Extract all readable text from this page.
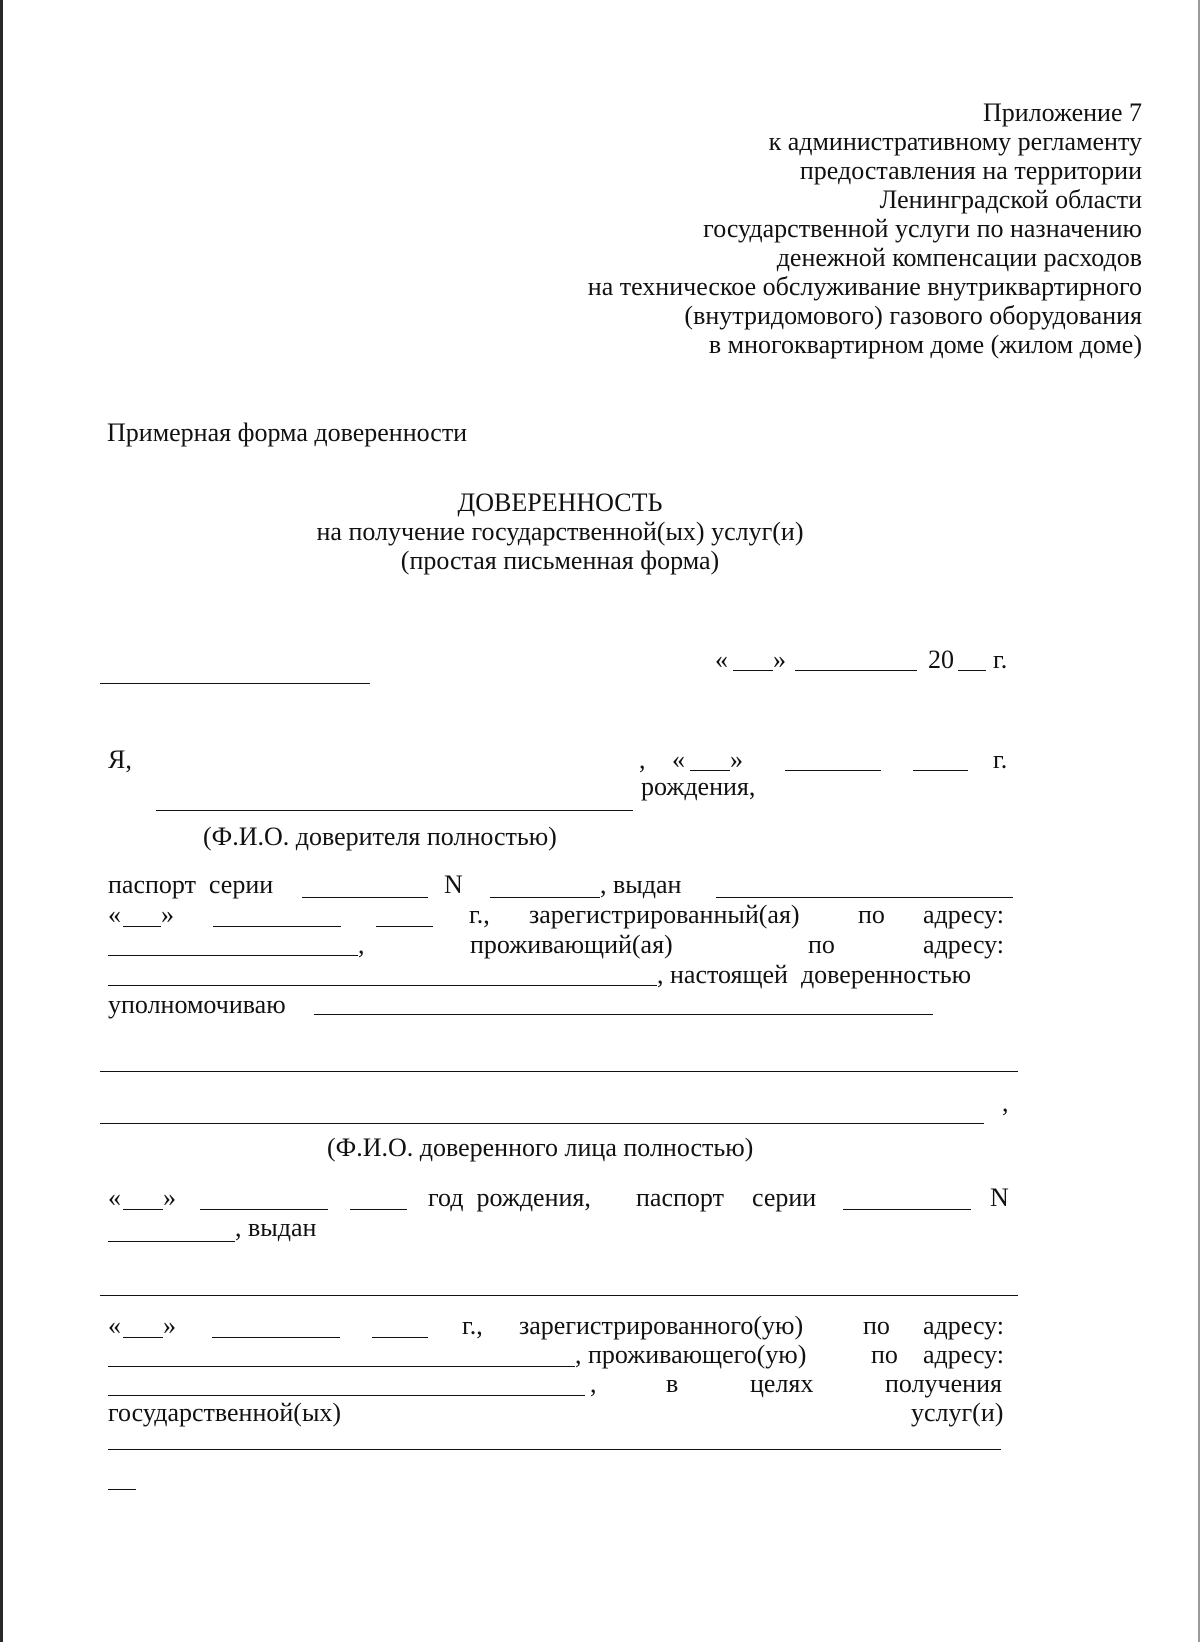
Приложение 7
к административному регламенту
предоставления на территории
Ленинградской области
государственной услуги по назначению
денежной компенсации расходов
на техническое обслуживание внутриквартирного
(внутридомового) газового оборудования
в многоквартирном доме (жилом доме)
Примерная форма доверенности
ДОВЕРЕННОСТЬ
на получение государственной(ых) услуг(и)
(простая письменная форма)
« »	20 г.
Я,	, « »	г.
рождения,
(Ф.И.О. доверителя полностью)
паспорт  серии	N	, выдан
« »	г., зарегистрированный(ая) по адресу:
,	проживающий(ая)	по	адресу:
, настоящей  доверенностью
уполномочиваю
,
(Ф.И.О. доверенного лица полностью)
« »	год  рождения, паспорт серии	N
, выдан
« »	г., зарегистрированного(ую) по адресу:
, проживающего(ую) по адресу:
,	в	целях	получения
государственной(ых)	услуг(и)
